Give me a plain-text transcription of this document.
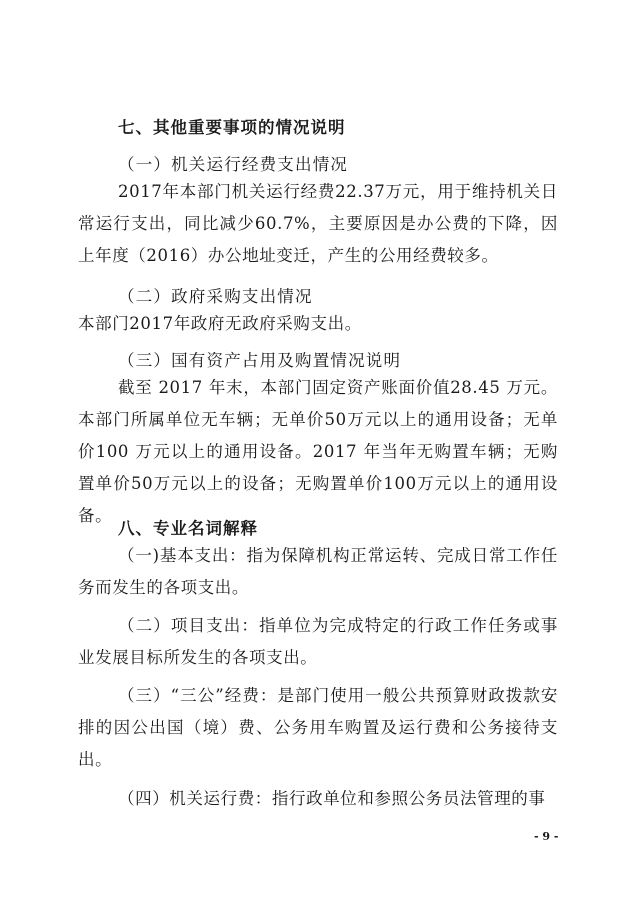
七、其他重要事项的情况说明
（一）机关运行经费支出情况
2017年本部门机关运行经费22.37万元，用于维持机关日常运行支出，同比减少60.7%，主要原因是办公费的下降，因上年度（2016）办公地址变迁，产生的公用经费较多。
（二）政府采购支出情况
本部门2017年政府无政府采购支出。
（三）国有资产占用及购置情况说明
截至 2017 年末，本部门固定资产账面价值28.45 万元。本部门所属单位无车辆；无单价50万元以上的通用设备；无单价100 万元以上的通用设备。2017 年当年无购置车辆；无购置单价50万元以上的设备；无购置单价100万元以上的通用设备。
八、专业名词解释
（一)基本支出：指为保障机构正常运转、完成日常工作任务而发生的各项支出。
（二）项目支出：指单位为完成特定的行政工作任务或事业发展目标所发生的各项支出。
（三）“三公”经费：是部门使用一般公共预算财政拨款安排的因公出国（境）费、公务用车购置及运行费和公务接待支出。
（四）机关运行费：指行政单位和参照公务员法管理的事
- 9 -
